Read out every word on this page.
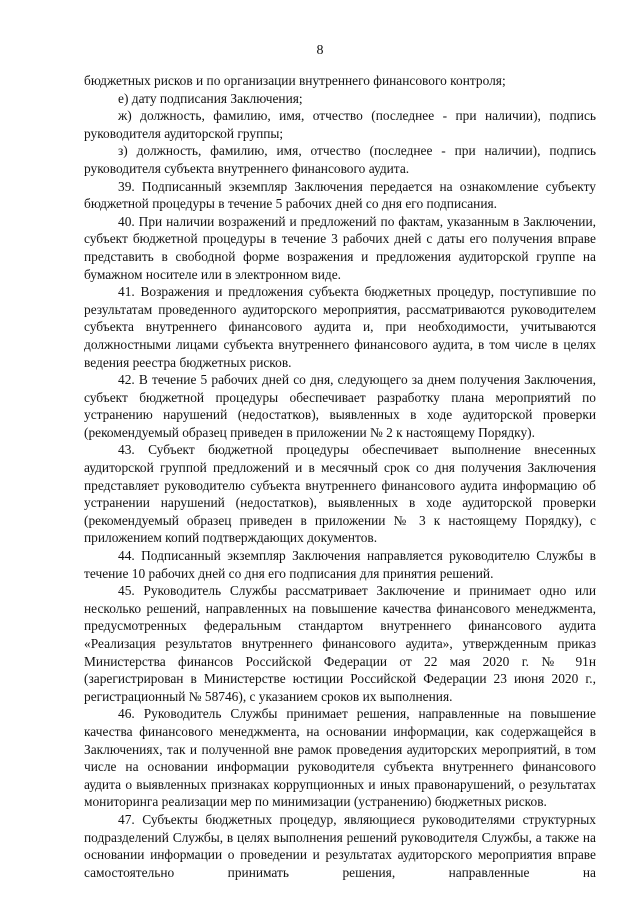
8

бюджетных рисков и по организации внутреннего финансового контроля;

е) дату подписания Заключения;

ж) должность, фамилию, имя, отчество (последнее - при наличии), подпись руководителя аудиторской группы;

з) должность, фамилию, имя, отчество (последнее - при наличии), подпись руководителя субъекта внутреннего финансового аудита.

39. Подписанный экземпляр Заключения передается на ознакомление субъекту бюджетной процедуры в течение 5 рабочих дней со дня его подписания.

40. При наличии возражений и предложений по фактам, указанным в Заключении, субъект бюджетной процедуры в течение 3 рабочих дней с даты его получения вправе представить в свободной форме возражения и предложения аудиторской группе на бумажном носителе или в электронном виде.

41. Возражения и предложения субъекта бюджетных процедур, поступившие по результатам проведенного аудиторского мероприятия, рассматриваются руководителем субъекта внутреннего финансового аудита и, при необходимости, учитываются должностными лицами субъекта внутреннего финансового аудита, в том числе в целях ведения реестра бюджетных рисков.

42. В течение 5 рабочих дней со дня, следующего за днем получения Заключения, субъект бюджетной процедуры обеспечивает разработку плана мероприятий по устранению нарушений (недостатков), выявленных в ходе аудиторской проверки (рекомендуемый образец приведен в приложении № 2 к настоящему Порядку).

43. Субъект бюджетной процедуры обеспечивает выполнение внесенных аудиторской группой предложений и в месячный срок со дня получения Заключения представляет руководителю субъекта внутреннего финансового аудита информацию об устранении нарушений (недостатков), выявленных в ходе аудиторской проверки (рекомендуемый образец приведен в приложении № 3 к настоящему Порядку), с приложением копий подтверждающих документов.

44. Подписанный экземпляр Заключения направляется руководителю Службы в течение 10 рабочих дней со дня его подписания для принятия решений.

45. Руководитель Службы рассматривает Заключение и принимает одно или несколько решений, направленных на повышение качества финансового менеджмента, предусмотренных федеральным стандартом внутреннего финансового аудита «Реализация результатов внутреннего финансового аудита», утвержденным приказ Министерства финансов Российской Федерации от 22 мая 2020 г. № 91н (зарегистрирован в Министерстве юстиции Российской Федерации 23 июня 2020 г., регистрационный № 58746), с указанием сроков их выполнения.

46. Руководитель Службы принимает решения, направленные на повышение качества финансового менеджмента, на основании информации, как содержащейся в Заключениях, так и полученной вне рамок проведения аудиторских мероприятий, в том числе на основании информации руководителя субъекта внутреннего финансового аудита о выявленных признаках коррупционных и иных правонарушений, о результатах мониторинга реализации мер по минимизации (устранению) бюджетных рисков.

47. Субъекты бюджетных процедур, являющиеся руководителями структурных подразделений Службы, в целях выполнения решений руководителя Службы, а также на основании информации о проведении и результатах аудиторского мероприятия вправе самостоятельно принимать решения, направленные на
